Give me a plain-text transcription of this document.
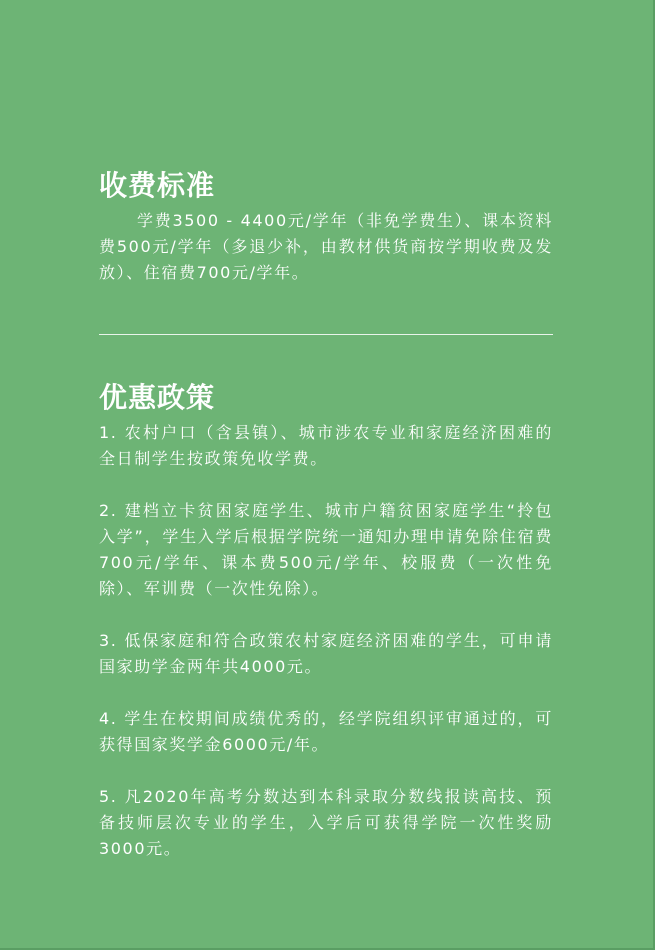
收费标准

学费3500 - 4400元/学年（非免学费生）、课本资料费500元/学年（多退少补，由教材供货商按学期收费及发放）、住宿费700元/学年。

优惠政策

1. 农村户口（含县镇）、城市涉农专业和家庭经济困难的全日制学生按政策免收学费。

2. 建档立卡贫困家庭学生、城市户籍贫困家庭学生“拎包入学”，学生入学后根据学院统一通知办理申请免除住宿费700元/学年、课本费500元/学年、校服费（一次性免除）、军训费（一次性免除）。

3. 低保家庭和符合政策农村家庭经济困难的学生，可申请国家助学金两年共4000元。

4. 学生在校期间成绩优秀的，经学院组织评审通过的，可获得国家奖学金6000元/年。

5. 凡2020年高考分数达到本科录取分数线报读高技、预备技师层次专业的学生，入学后可获得学院一次性奖励3000元。
